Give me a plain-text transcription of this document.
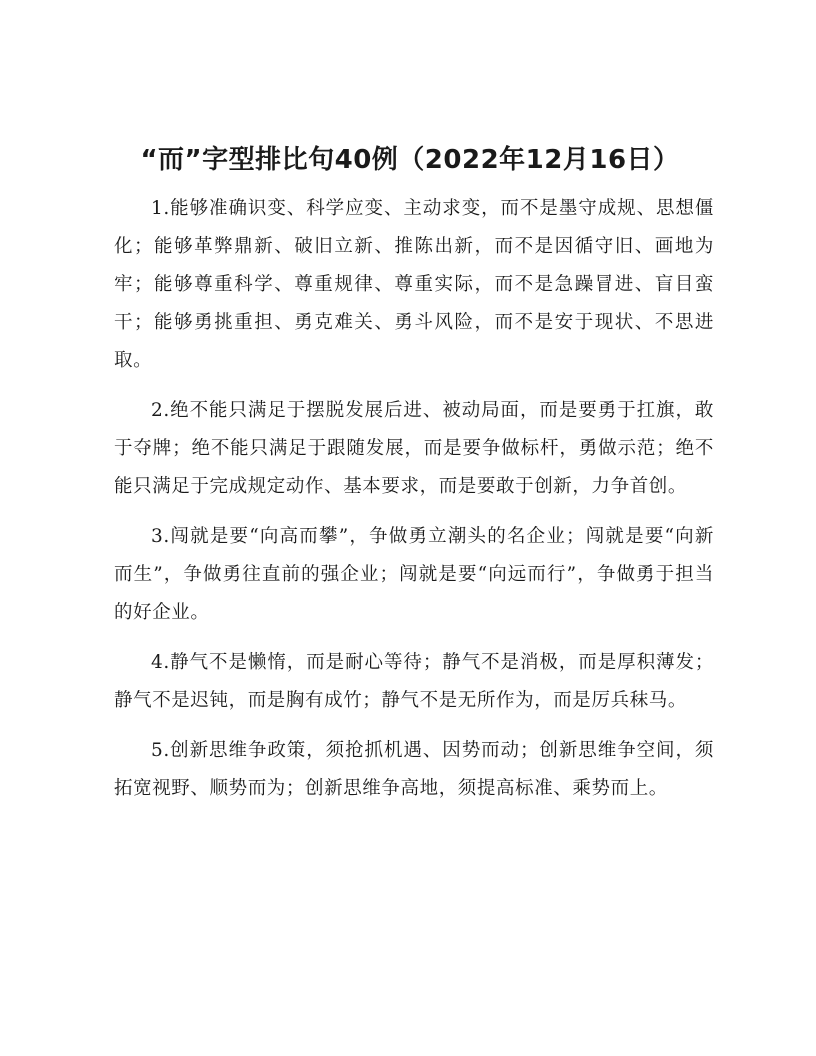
“而”字型排比句40例（2022年12月16日）

1.能够准确识变、科学应变、主动求变，而不是墨守成规、思想僵化；能够革弊鼎新、破旧立新、推陈出新，而不是因循守旧、画地为牢；能够尊重科学、尊重规律、尊重实际，而不是急躁冒进、盲目蛮干；能够勇挑重担、勇克难关、勇斗风险，而不是安于现状、不思进取。

2.绝不能只满足于摆脱发展后进、被动局面，而是要勇于扛旗，敢于夺牌；绝不能只满足于跟随发展，而是要争做标杆，勇做示范；绝不能只满足于完成规定动作、基本要求，而是要敢于创新，力争首创。

3.闯就是要“向高而攀”，争做勇立潮头的名企业；闯就是要“向新而生”，争做勇往直前的强企业；闯就是要“向远而行”，争做勇于担当的好企业。

4.静气不是懒惰，而是耐心等待；静气不是消极，而是厚积薄发；静气不是迟钝，而是胸有成竹；静气不是无所作为，而是厉兵秣马。

5.创新思维争政策，须抢抓机遇、因势而动；创新思维争空间，须拓宽视野、顺势而为；创新思维争高地，须提高标准、乘势而上。
